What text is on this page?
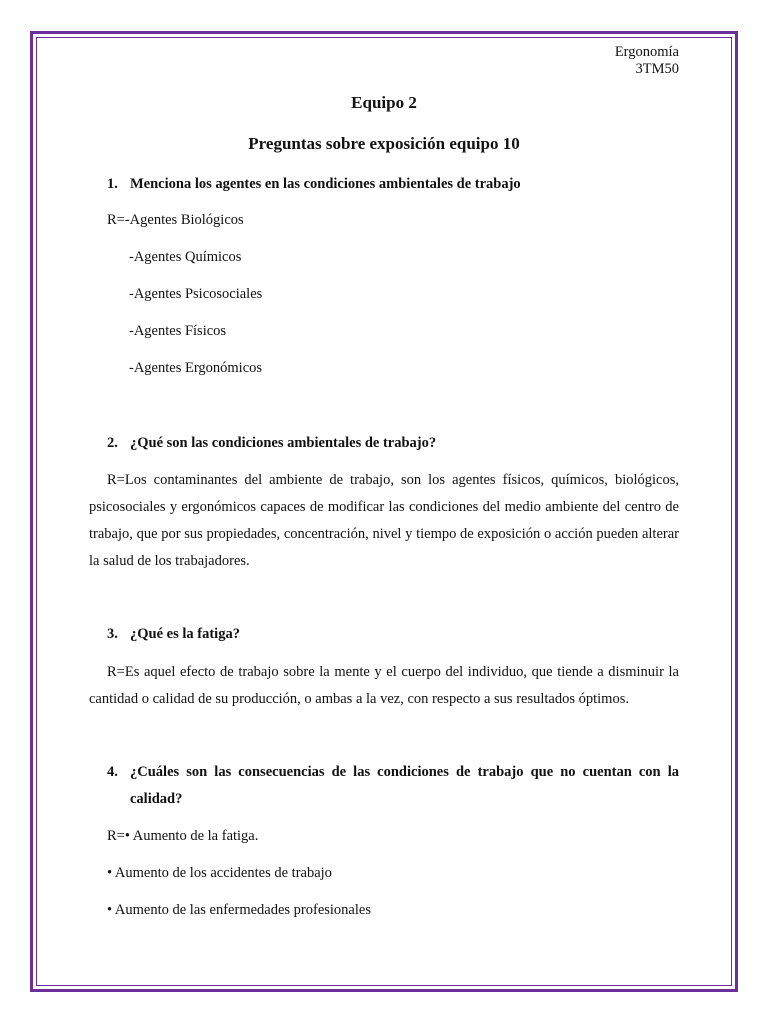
Ergonomía
3TM50
Equipo 2
Preguntas sobre exposición equipo 10
1. Menciona los agentes en las condiciones ambientales de trabajo
R=-Agentes Biológicos
-Agentes Químicos
-Agentes Psicosociales
-Agentes Físicos
-Agentes Ergonómicos
2. ¿Qué son las condiciones ambientales de trabajo?
R=Los contaminantes del ambiente de trabajo, son los agentes físicos, químicos, biológicos, psicosociales y ergonómicos capaces de modificar las condiciones del medio ambiente del centro de trabajo, que por sus propiedades, concentración, nivel y tiempo de exposición o acción pueden alterar la salud de los trabajadores.
3. ¿Qué es la fatiga?
R=Es aquel efecto de trabajo sobre la mente y el cuerpo del individuo, que tiende a disminuir la cantidad o calidad de su producción, o ambas a la vez, con respecto a sus resultados óptimos.
4. ¿Cuáles son las consecuencias de las condiciones de trabajo que no cuentan con la calidad?
R=• Aumento de la fatiga.
• Aumento de los accidentes de trabajo
• Aumento de las enfermedades profesionales
